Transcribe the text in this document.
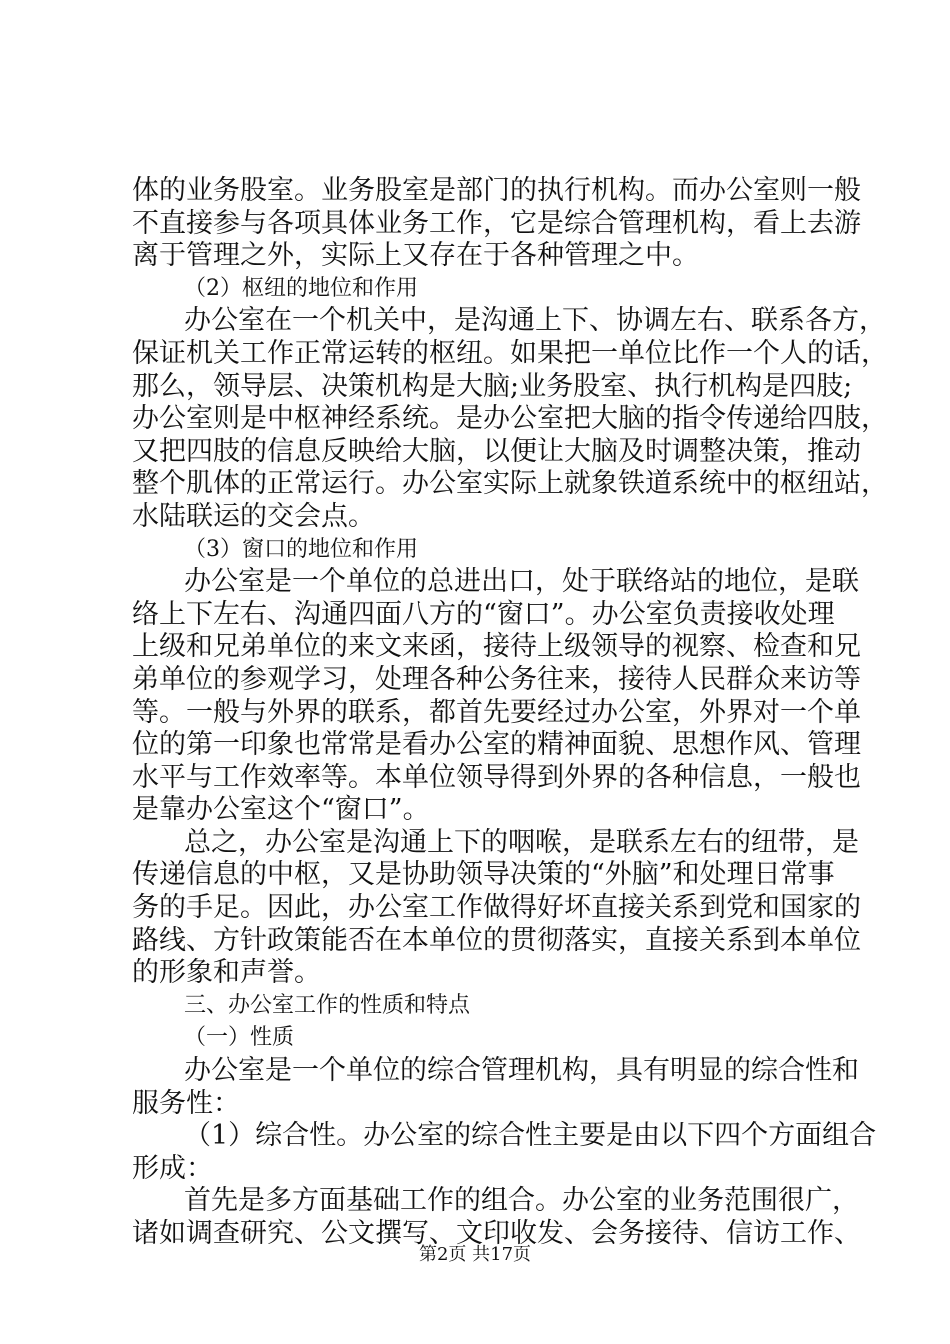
体的业务股室。业务股室是部门的执行机构。而办公室则一般
不直接参与各项具体业务工作，它是综合管理机构，看上去游
离于管理之外，实际上又存在于各种管理之中。
（2）枢纽的地位和作用
办公室在一个机关中，是沟通上下、协调左右、联系各方，
保证机关工作正常运转的枢纽。如果把一单位比作一个人的话，
那么，领导层、决策机构是大脑;业务股室、执行机构是四肢;
办公室则是中枢神经系统。是办公室把大脑的指令传递给四肢，
又把四肢的信息反映给大脑，以便让大脑及时调整决策，推动
整个肌体的正常运行。办公室实际上就象铁道系统中的枢纽站，
水陆联运的交会点。
（3）窗口的地位和作用
办公室是一个单位的总进出口，处于联络站的地位，是联
络上下左右、沟通四面八方的“窗口”。办公室负责接收处理
上级和兄弟单位的来文来函，接待上级领导的视察、检查和兄
弟单位的参观学习，处理各种公务往来，接待人民群众来访等
等。一般与外界的联系，都首先要经过办公室，外界对一个单
位的第一印象也常常是看办公室的精神面貌、思想作风、管理
水平与工作效率等。本单位领导得到外界的各种信息，一般也
是靠办公室这个“窗口”。
总之，办公室是沟通上下的咽喉，是联系左右的纽带，是
传递信息的中枢，又是协助领导决策的“外脑”和处理日常事
务的手足。因此，办公室工作做得好坏直接关系到党和国家的
路线、方针政策能否在本单位的贯彻落实，直接关系到本单位
的形象和声誉。
三、办公室工作的性质和特点
（一）性质
办公室是一个单位的综合管理机构，具有明显的综合性和
服务性：
（1）综合性。办公室的综合性主要是由以下四个方面组合
形成：
首先是多方面基础工作的组合。办公室的业务范围很广，
诸如调查研究、公文撰写、文印收发、会务接待、信访工作、
第2页 共17页
